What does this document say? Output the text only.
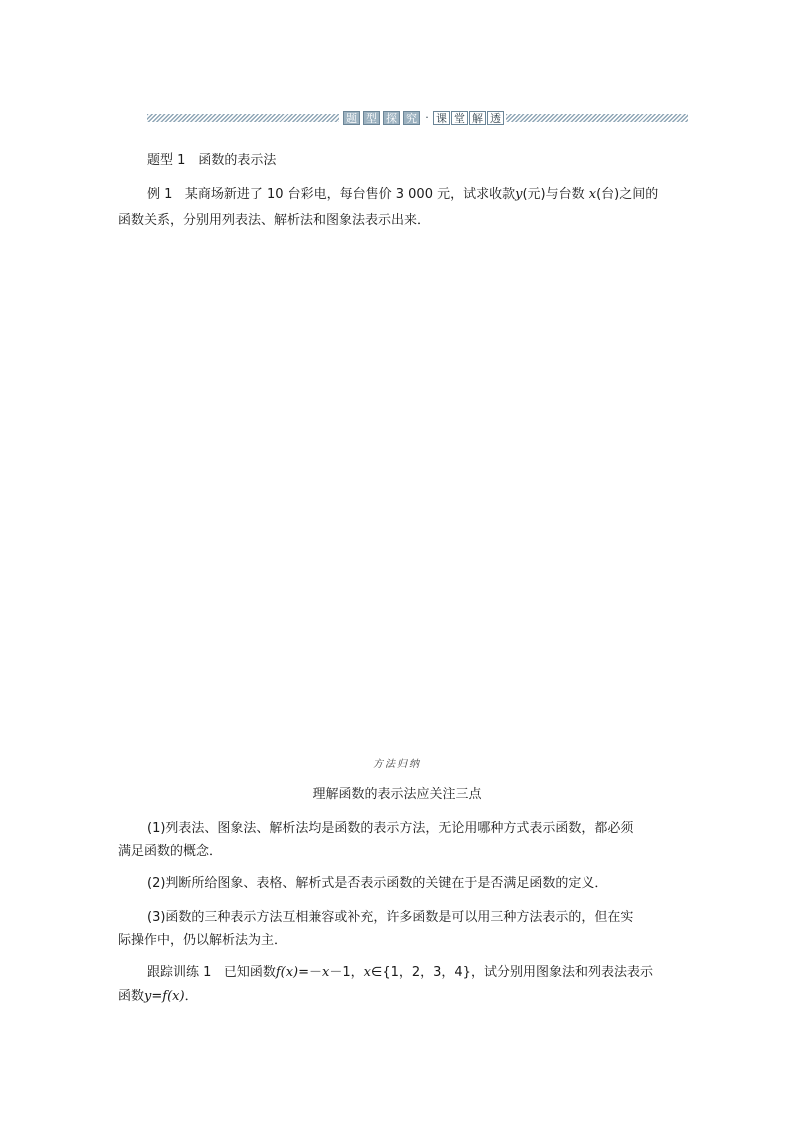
题 型 探 究 · 课 堂 解 透
题型 1　函数的表示法
例 1 某商场新进了 10 台彩电，每台售价 3 000 元，试求收款y(元)与台数 x(台)之间的
函数关系，分别用列表法、解析法和图象法表示出来．
方法归纳
理解函数的表示法应关注三点
(1)列表法、图象法、解析法均是函数的表示方法，无论用哪种方式表示函数，都必须
满足函数的概念．
(2)判断所给图象、表格、解析式是否表示函数的关键在于是否满足函数的定义．
(3)函数的三种表示方法互相兼容或补充，许多函数是可以用三种方法表示的，但在实
际操作中，仍以解析法为主．
跟踪训练 1 已知函数f(x)=－x－1，x∈{1，2，3，4}，试分别用图象法和列表法表示
函数y=f(x)．
